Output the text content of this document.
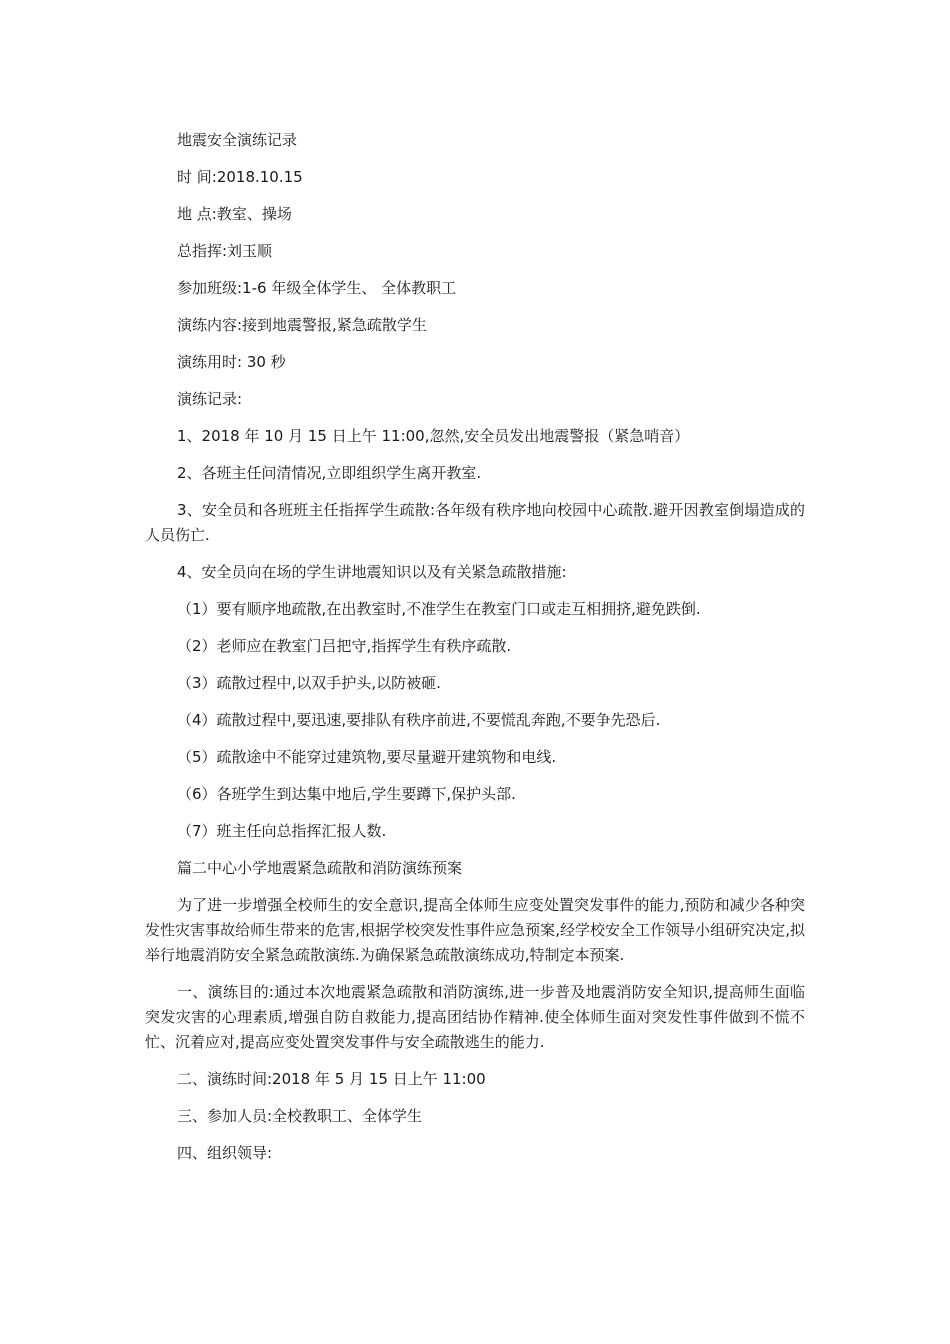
地震安全演练记录

时 间:2018.10.15

地 点:教室、操场

总指挥:刘玉顺

参加班级:1-6 年级全体学生、 全体教职工

演练内容:接到地震警报,紧急疏散学生

演练用时: 30 秒

演练记录:

1、2018 年 10 月 15 日上午 11:00,忽然,安全员发出地震警报（紧急哨音）

2、各班主任问清情况,立即组织学生离开教室.

3、安全员和各班班主任指挥学生疏散:各年级有秩序地向校园中心疏散.避开因教室倒塌造成的人员伤亡.

4、安全员向在场的学生讲地震知识以及有关紧急疏散措施:

（1）要有顺序地疏散,在出教室时,不准学生在教室门口或走互相拥挤,避免跌倒.

（2）老师应在教室门吕把守,指挥学生有秩序疏散.

（3）疏散过程中,以双手护头,以防被砸.

（4）疏散过程中,要迅速,要排队有秩序前进,不要慌乱奔跑,不要争先恐后.

（5）疏散途中不能穿过建筑物,要尽量避开建筑物和电线.

（6）各班学生到达集中地后,学生要蹲下,保护头部.

（7）班主任向总指挥汇报人数.

篇二中心小学地震紧急疏散和消防演练预案

为了进一步增强全校师生的安全意识,提高全体师生应变处置突发事件的能力,预防和减少各种突发性灾害事故给师生带来的危害,根据学校突发性事件应急预案,经学校安全工作领导小组研究决定,拟举行地震消防安全紧急疏散演练.为确保紧急疏散演练成功,特制定本预案.

一、演练目的:通过本次地震紧急疏散和消防演练,进一步普及地震消防安全知识,提高师生面临突发灾害的心理素质,增强自防自救能力,提高团结协作精神.使全体师生面对突发性事件做到不慌不忙、沉着应对,提高应变处置突发事件与安全疏散逃生的能力.

二、演练时间:2018 年 5 月 15 日上午 11:00

三、参加人员:全校教职工、全体学生

四、组织领导:
